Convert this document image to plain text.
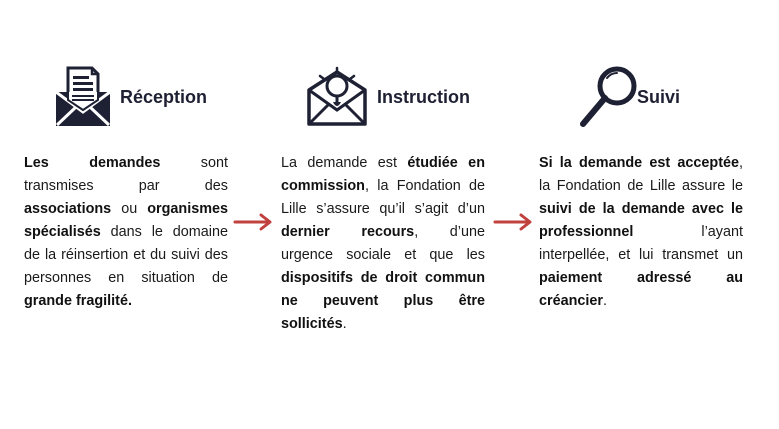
Réception
Les demandes sont transmises par des associations ou organismes spécialisés dans le domaine de la réinsertion et du suivi des personnes en situation de grande fragilité.
Instruction
La demande est étudiée en commission, la Fondation de Lille s’assure qu’il s’agit d’un dernier recours, d’une urgence sociale et que les dispositifs de droit commun ne peuvent plus être sollicités.
Suivi
Si la demande est acceptée, la Fondation de Lille assure le suivi de la demande avec le professionnel l’ayant interpellée, et lui transmet un paiement adressé au créancier.
